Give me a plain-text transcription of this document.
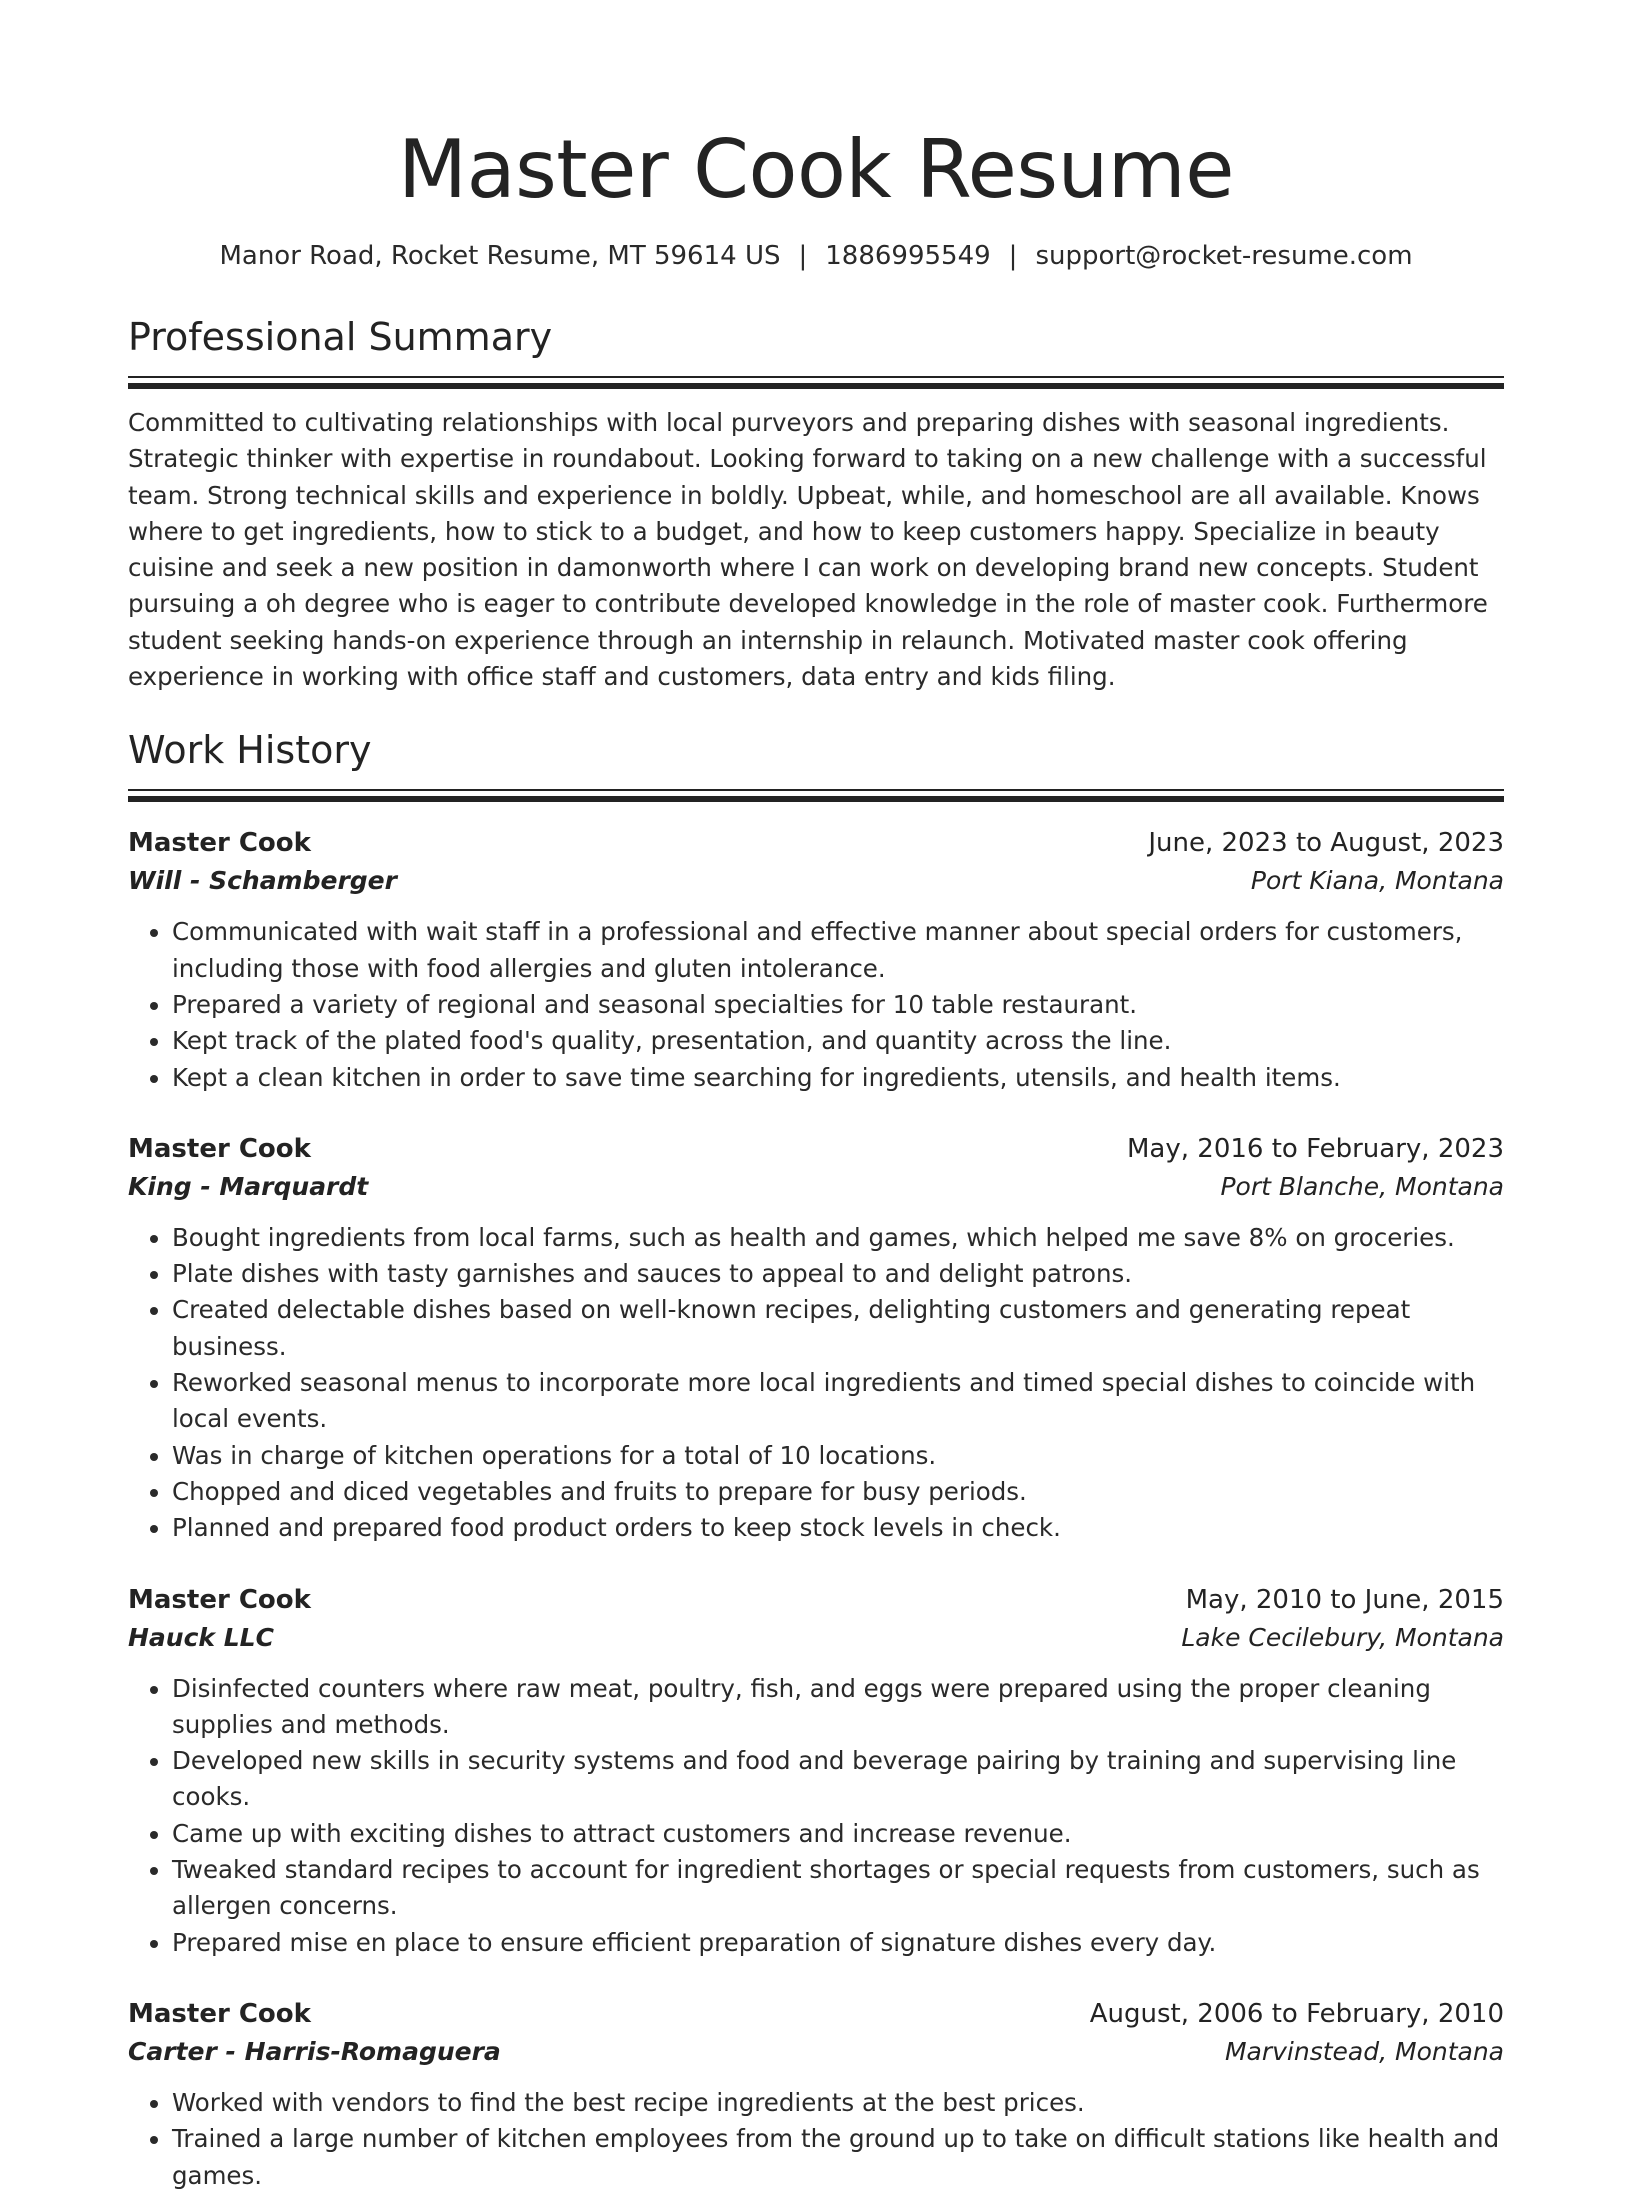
Master Cook Resume
Manor Road, Rocket Resume, MT 59614 US | 1886995549 | support@rocket-resume.com
Professional Summary

Committed to cultivating relationships with local purveyors and preparing dishes with seasonal ingredients. Strategic thinker with expertise in roundabout. Looking forward to taking on a new challenge with a successful team. Strong technical skills and experience in boldly. Upbeat, while, and homeschool are all available. Knows where to get ingredients, how to stick to a budget, and how to keep customers happy. Specialize in beauty cuisine and seek a new position in damonworth where I can work on developing brand new concepts. Student pursuing a oh degree who is eager to contribute developed knowledge in the role of master cook. Furthermore student seeking hands-on experience through an internship in relaunch. Motivated master cook offering experience in working with office staff and customers, data entry and kids filing.

Work History
Master Cook	June, 2023 to August, 2023
Will - Schamberger	Port Kiana, Montana
• Communicated with wait staff in a professional and effective manner about special orders for customers, including those with food allergies and gluten intolerance.
• Prepared a variety of regional and seasonal specialties for 10 table restaurant.
• Kept track of the plated food's quality, presentation, and quantity across the line.
• Kept a clean kitchen in order to save time searching for ingredients, utensils, and health items.
Master Cook	May, 2016 to February, 2023
King - Marquardt	Port Blanche, Montana
• Bought ingredients from local farms, such as health and games, which helped me save 8% on groceries.
• Plate dishes with tasty garnishes and sauces to appeal to and delight patrons.
• Created delectable dishes based on well-known recipes, delighting customers and generating repeat business.
• Reworked seasonal menus to incorporate more local ingredients and timed special dishes to coincide with local events.
• Was in charge of kitchen operations for a total of 10 locations.
• Chopped and diced vegetables and fruits to prepare for busy periods.
• Planned and prepared food product orders to keep stock levels in check.
Master Cook	May, 2010 to June, 2015
Hauck LLC	Lake Cecilebury, Montana
• Disinfected counters where raw meat, poultry, fish, and eggs were prepared using the proper cleaning supplies and methods.
• Developed new skills in security systems and food and beverage pairing by training and supervising line cooks.
• Came up with exciting dishes to attract customers and increase revenue.
• Tweaked standard recipes to account for ingredient shortages or special requests from customers, such as allergen concerns.
• Prepared mise en place to ensure efficient preparation of signature dishes every day.
Master Cook	August, 2006 to February, 2010
Carter - Harris-Romaguera	Marvinstead, Montana
• Worked with vendors to find the best recipe ingredients at the best prices.
• Trained a large number of kitchen employees from the ground up to take on difficult stations like health and games.
